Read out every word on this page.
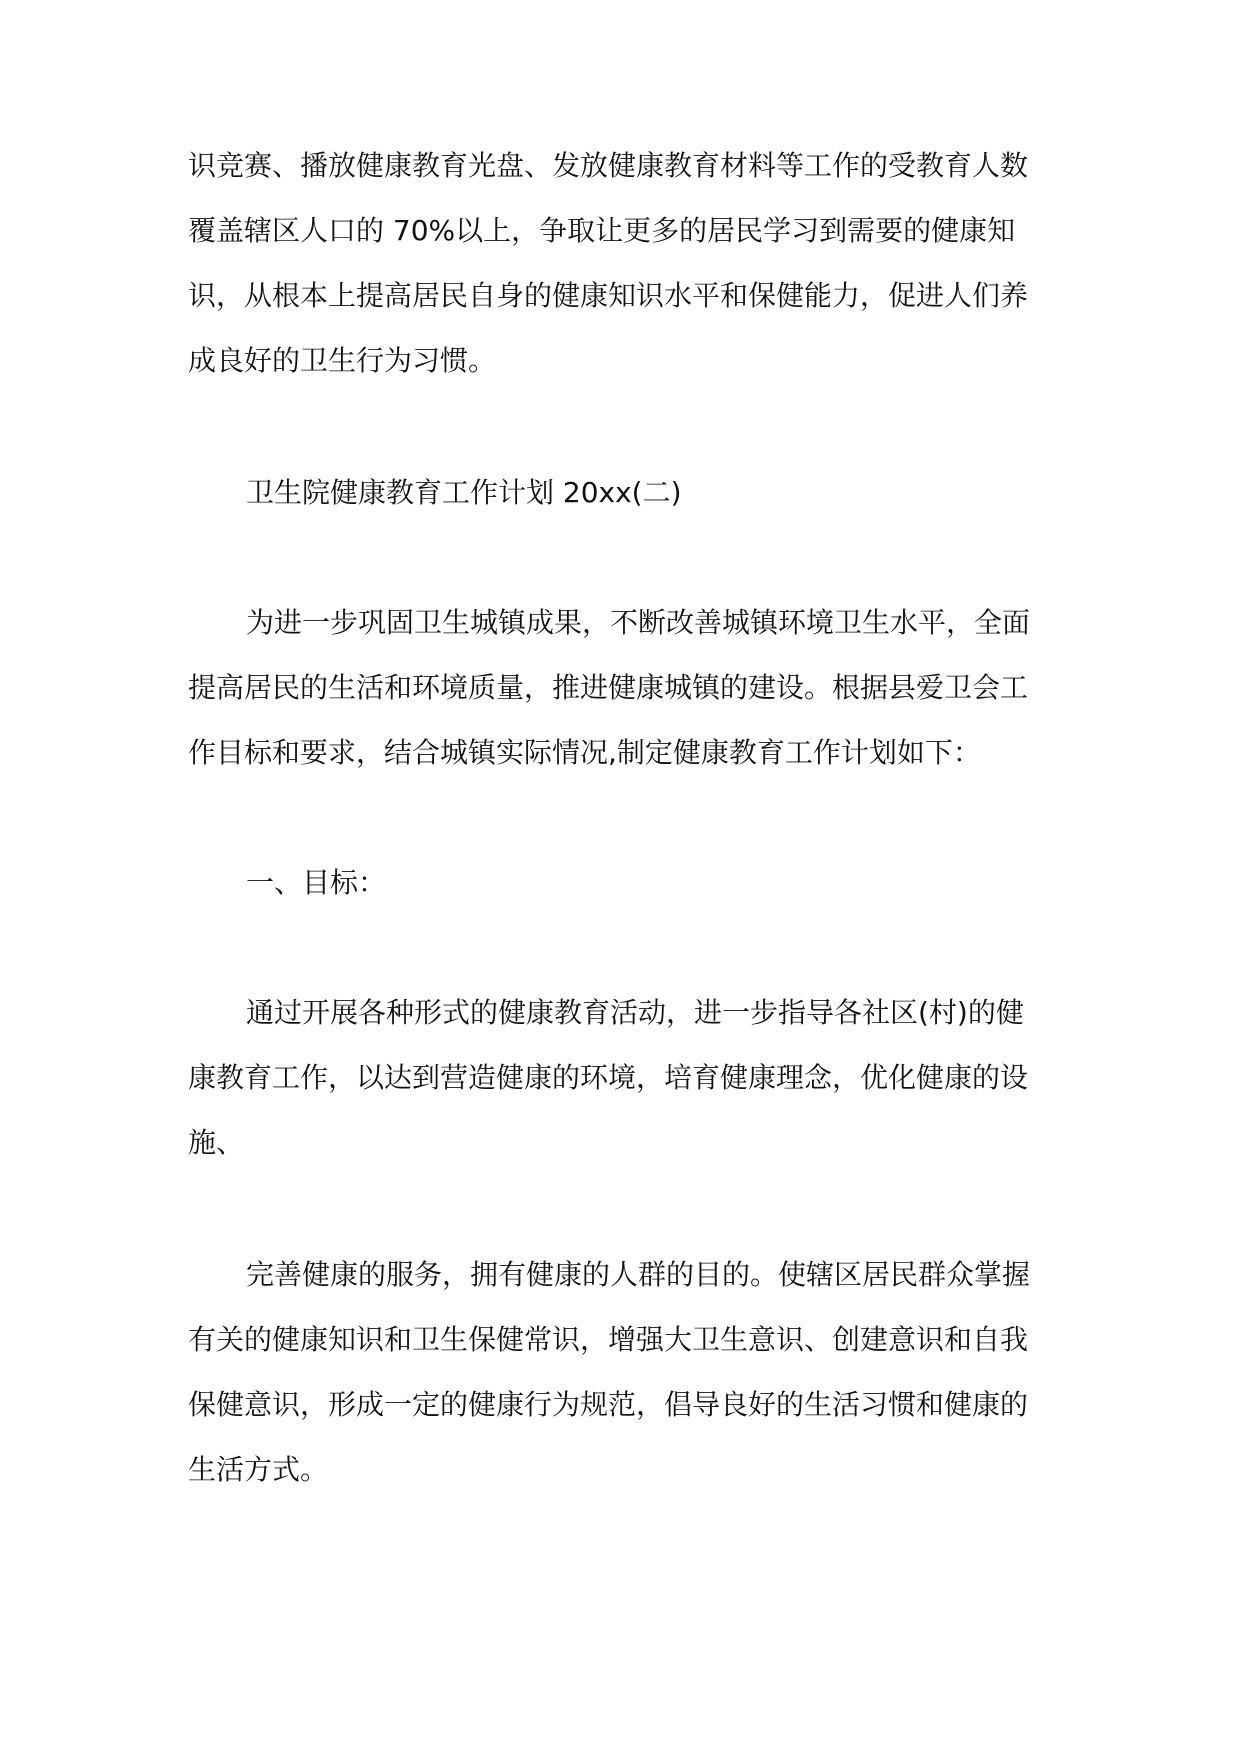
识竞赛、播放健康教育光盘、发放健康教育材料等工作的受教育人数
覆盖辖区人口的 70%以上，争取让更多的居民学习到需要的健康知
识，从根本上提高居民自身的健康知识水平和保健能力，促进人们养
成良好的卫生行为习惯。
卫生院健康教育工作计划 20xx(二)
为进一步巩固卫生城镇成果，不断改善城镇环境卫生水平，全面
提高居民的生活和环境质量，推进健康城镇的建设。根据县爱卫会工
作目标和要求，结合城镇实际情况,制定健康教育工作计划如下：
一、目标：
通过开展各种形式的健康教育活动，进一步指导各社区(村)的健
康教育工作，以达到营造健康的环境，培育健康理念，优化健康的设
施、
完善健康的服务，拥有健康的人群的目的。使辖区居民群众掌握
有关的健康知识和卫生保健常识，增强大卫生意识、创建意识和自我
保健意识，形成一定的健康行为规范，倡导良好的生活习惯和健康的
生活方式。
